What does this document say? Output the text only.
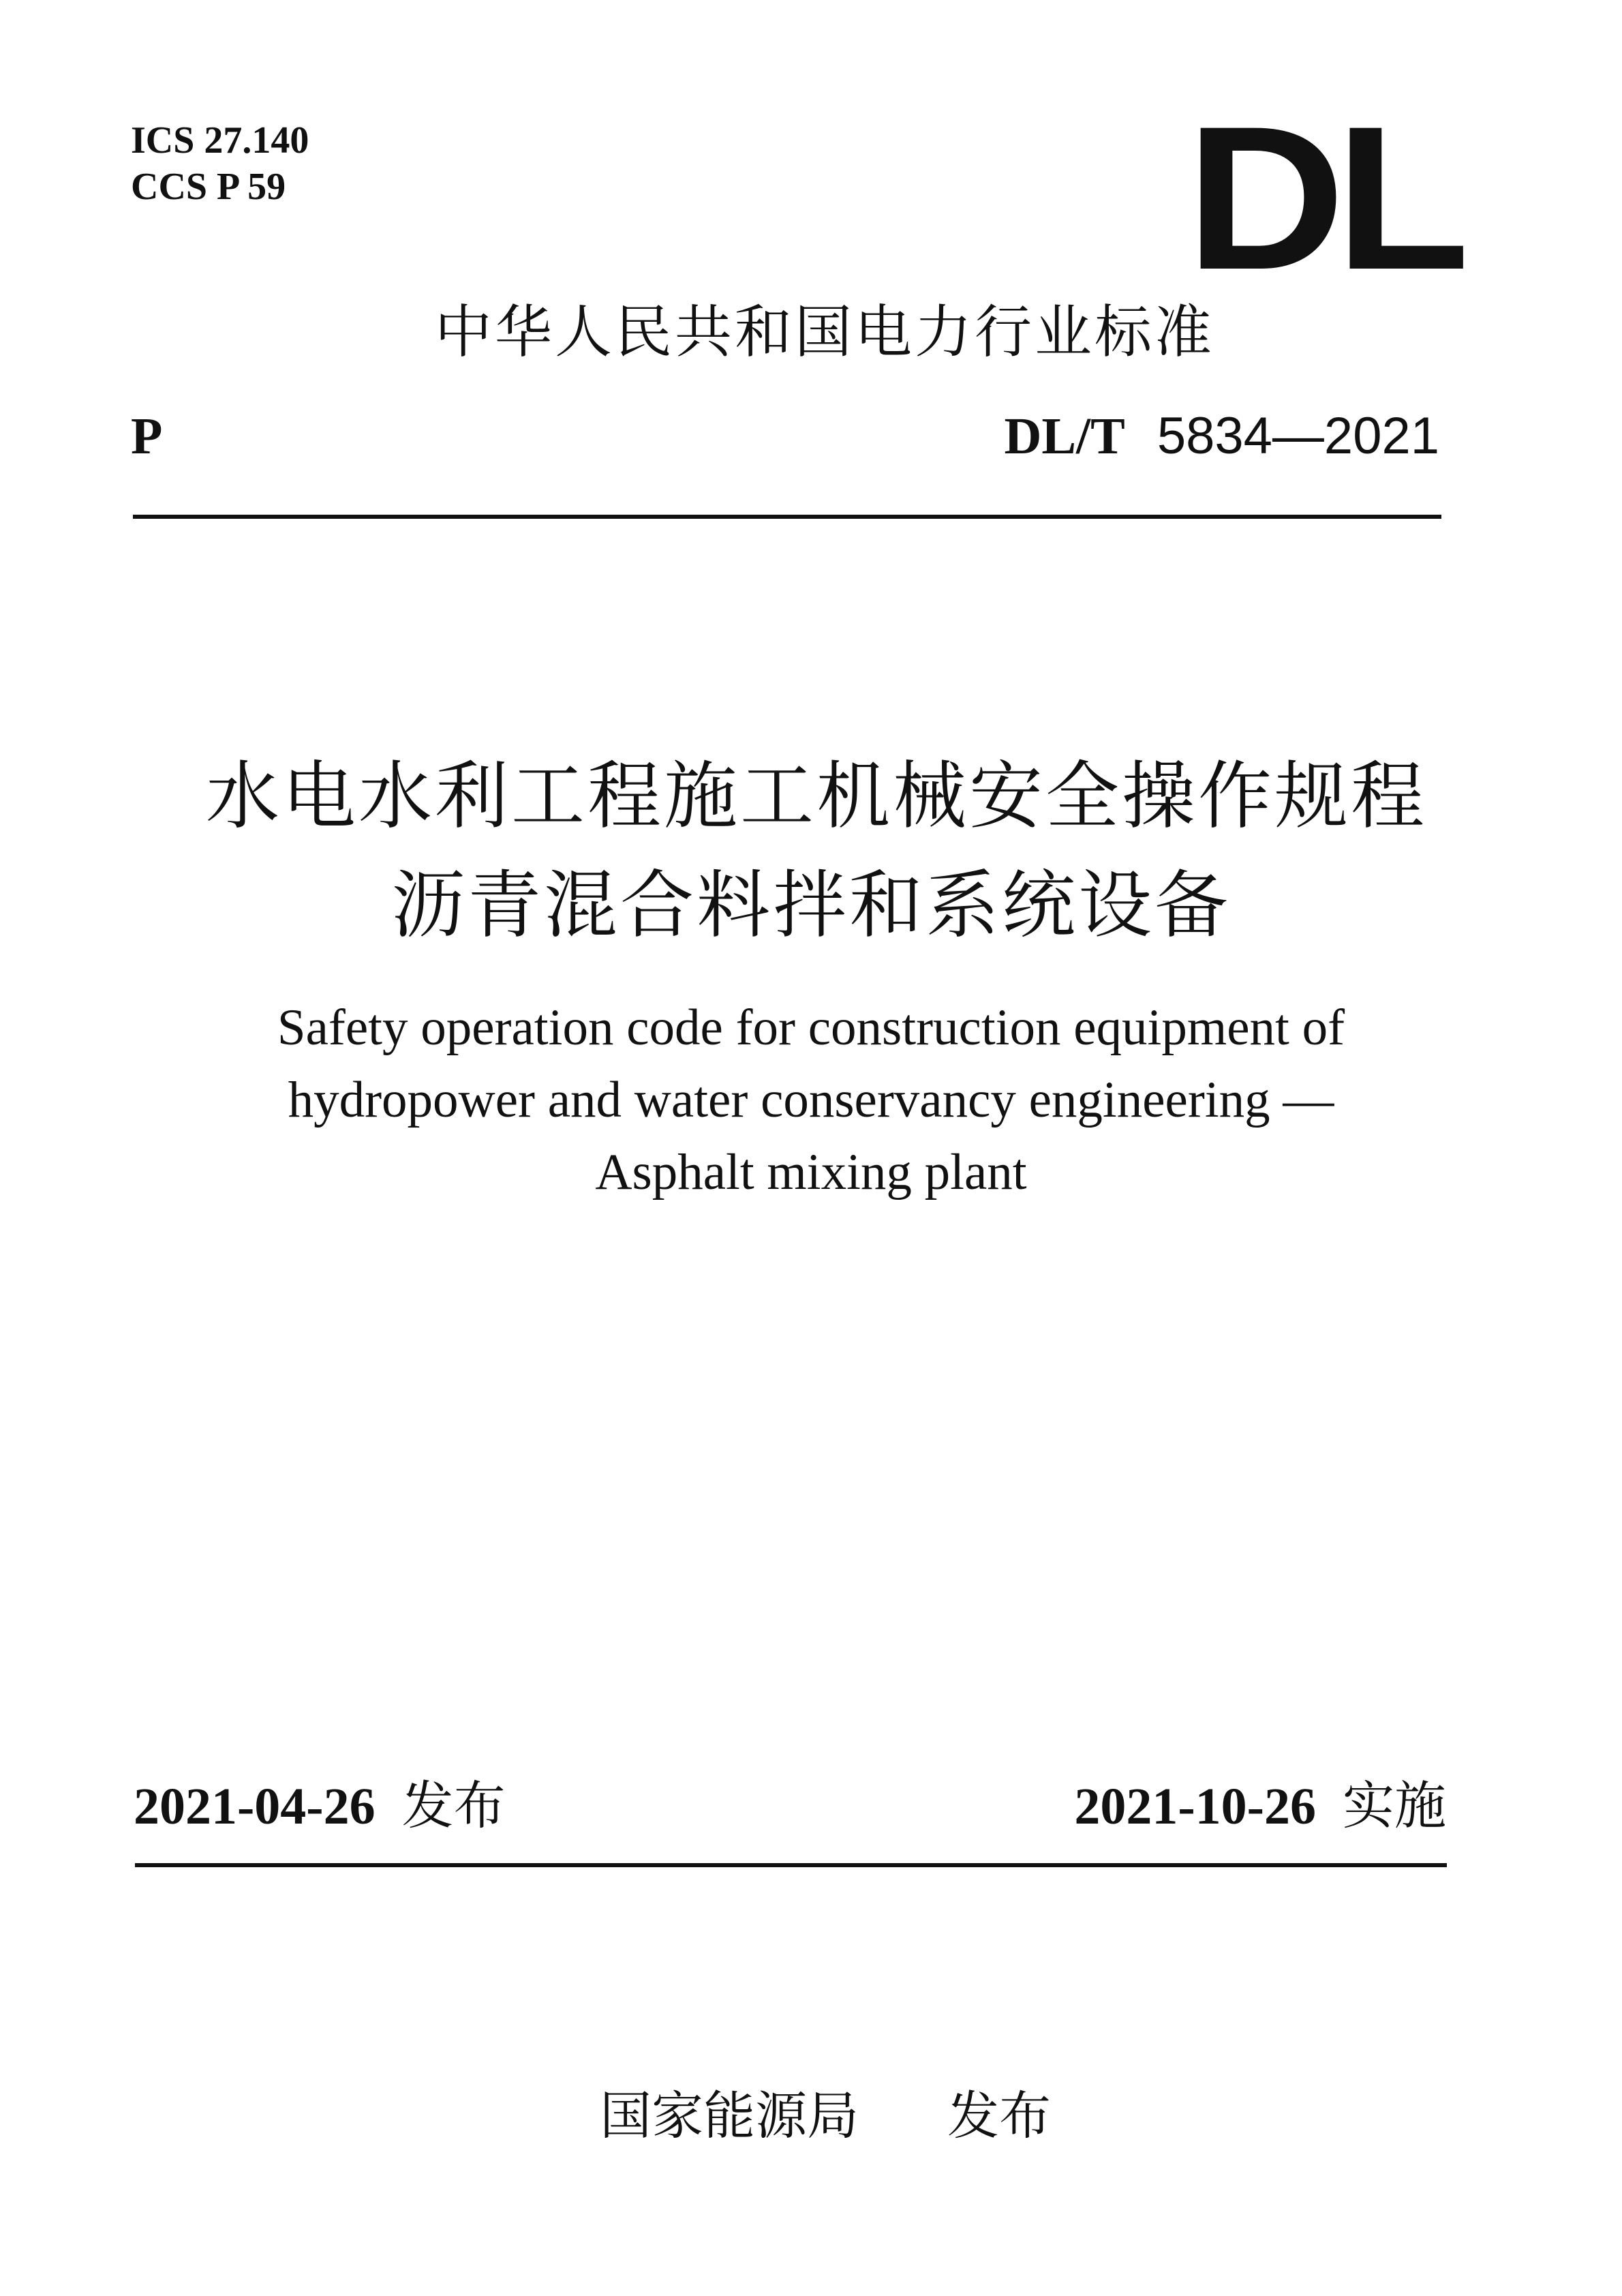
ICS 27.140
CCS P 59	DL
中华人民共和国电力行业标准
P	DL/T 5834—2021
水电水利工程施工机械安全操作规程
沥青混合料拌和系统设备
Safety operation code for construction equipment of
hydropower and water conservancy engineering —
Asphalt mixing plant
2021-04-26 发布	2021-10-26 实施

国家能源局 发布
